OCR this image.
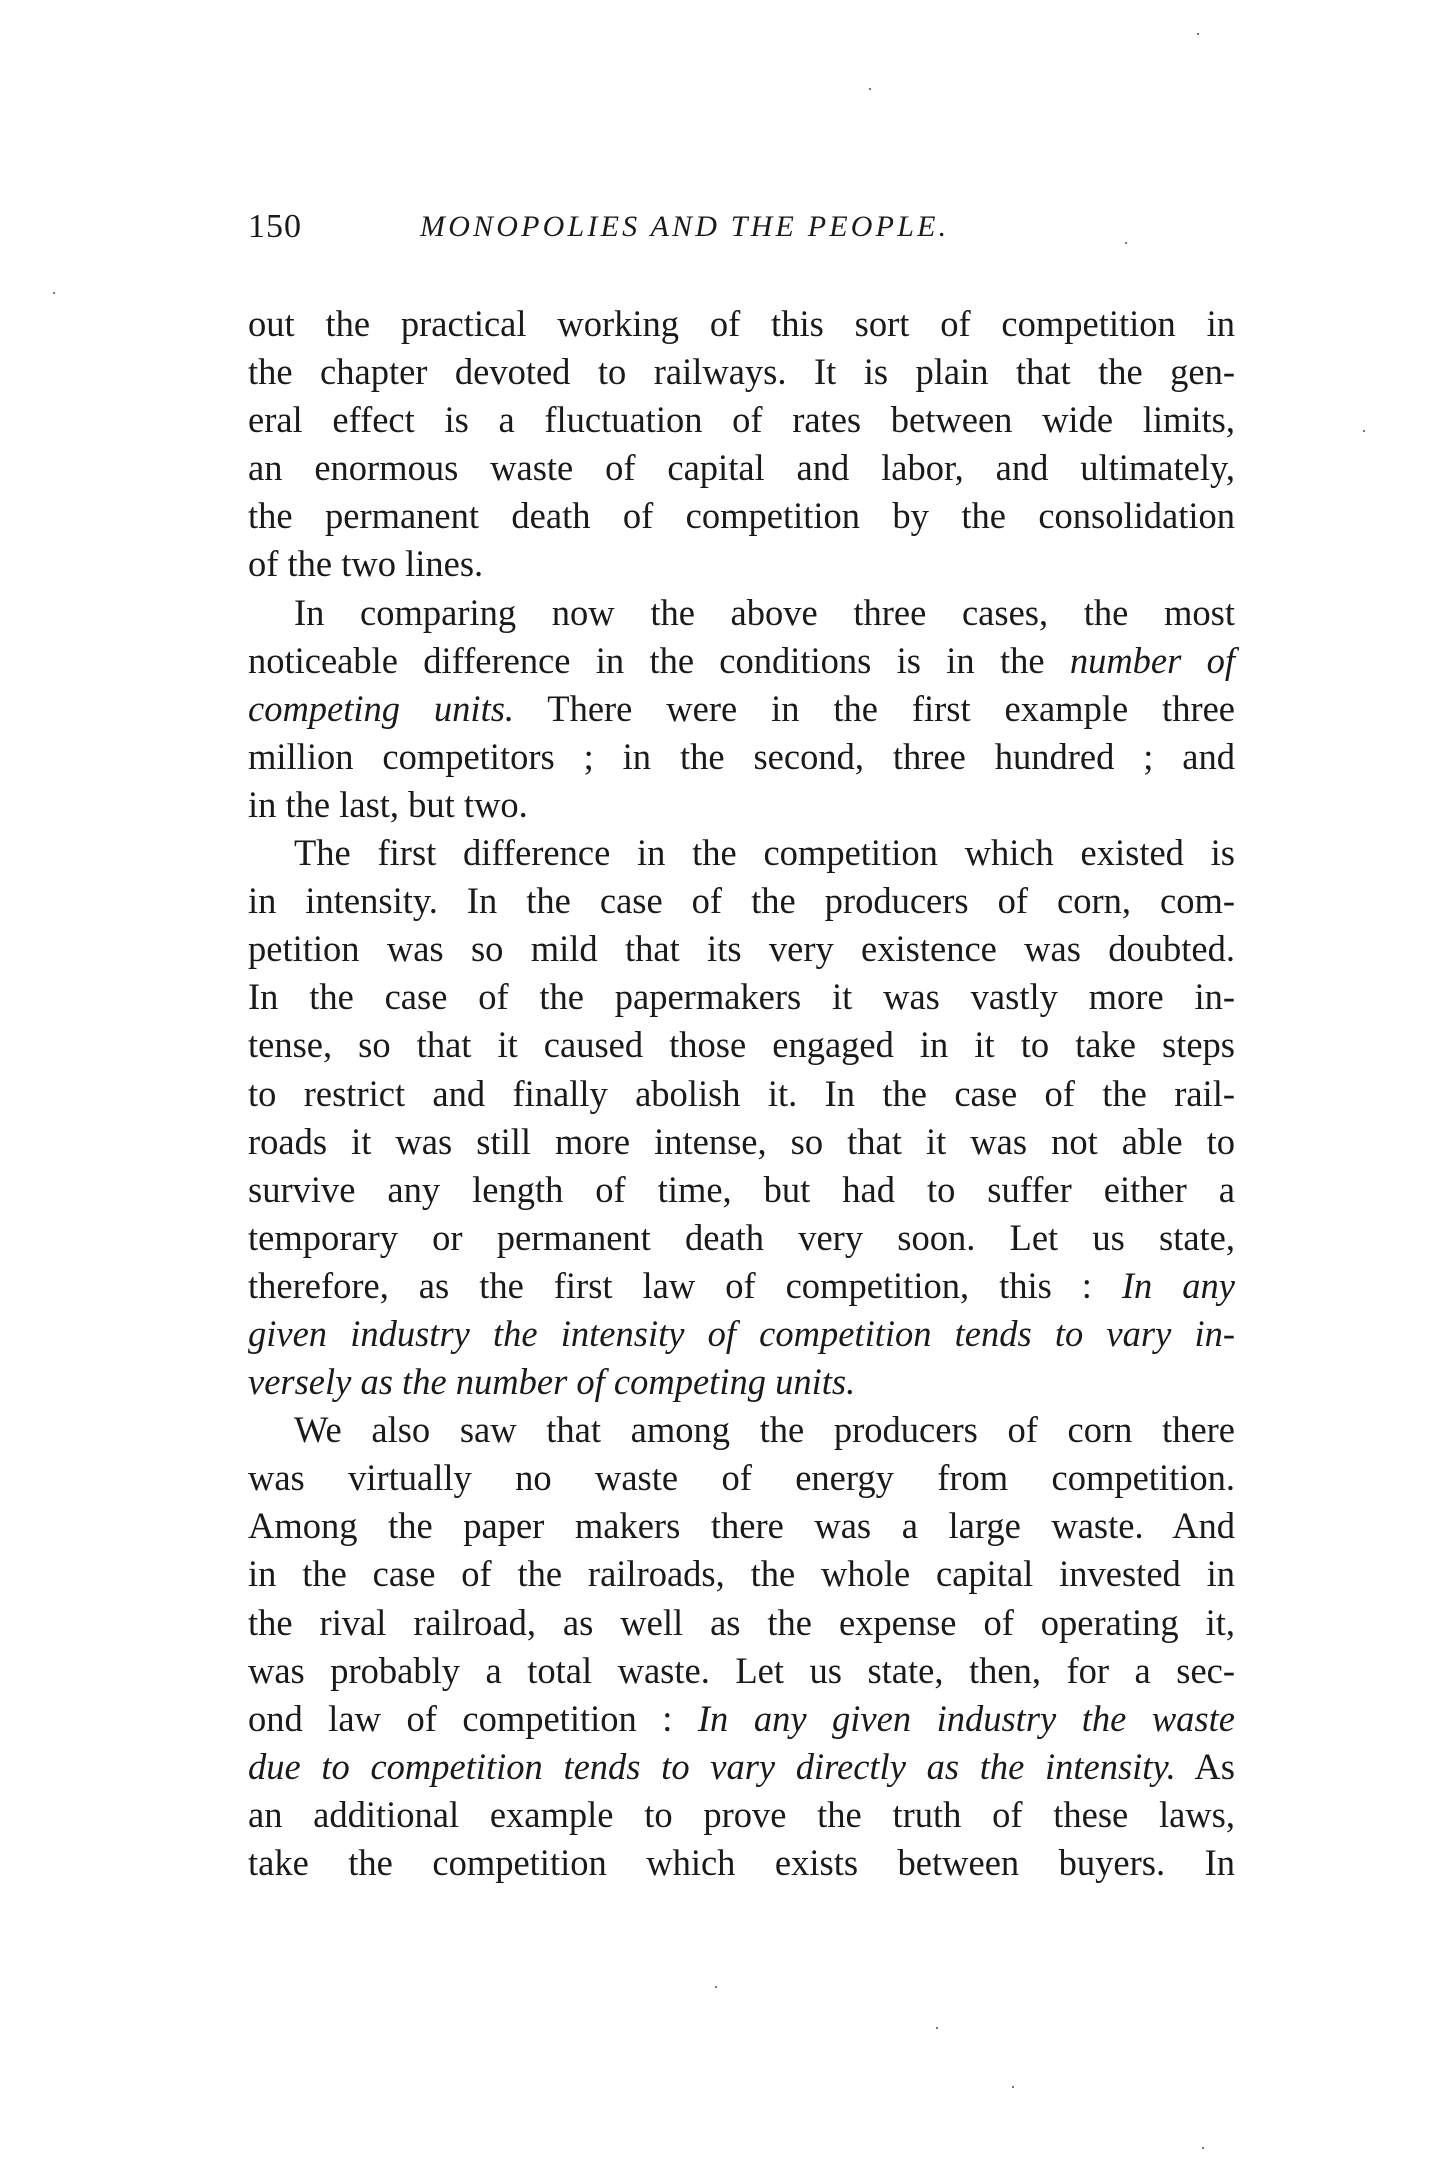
150	MONOPOLIES AND THE PEOPLE.
out the practical working of this sort of competition in
the chapter devoted to railways. It is plain that the gen-
eral effect is a fluctuation of rates between wide limits,
an enormous waste of capital and labor, and ultimately,
the permanent death of competition by the consolidation
of the two lines.
In comparing now the above three cases, the most
noticeable difference in the conditions is in the number of
competing units. There were in the first example three
million competitors ; in the second, three hundred ; and
in the last, but two.
The first difference in the competition which existed is
in intensity. In the case of the producers of corn, com-
petition was so mild that its very existence was doubted.
In the case of the papermakers it was vastly more in-
tense, so that it caused those engaged in it to take steps
to restrict and finally abolish it. In the case of the rail-
roads it was still more intense, so that it was not able to
survive any length of time, but had to suffer either a
temporary or permanent death very soon. Let us state,
therefore, as the first law of competition, this : In any
given industry the intensity of competition tends to vary in-
versely as the number of competing units.
We also saw that among the producers of corn there
was virtually no waste of energy from competition.
Among the paper makers there was a large waste. And
in the case of the railroads, the whole capital invested in
the rival railroad, as well as the expense of operating it,
was probably a total waste. Let us state, then, for a sec-
ond law of competition : In any given industry the waste
due to competition tends to vary directly as the intensity. As
an additional example to prove the truth of these laws,
take the competition which exists between buyers. In
